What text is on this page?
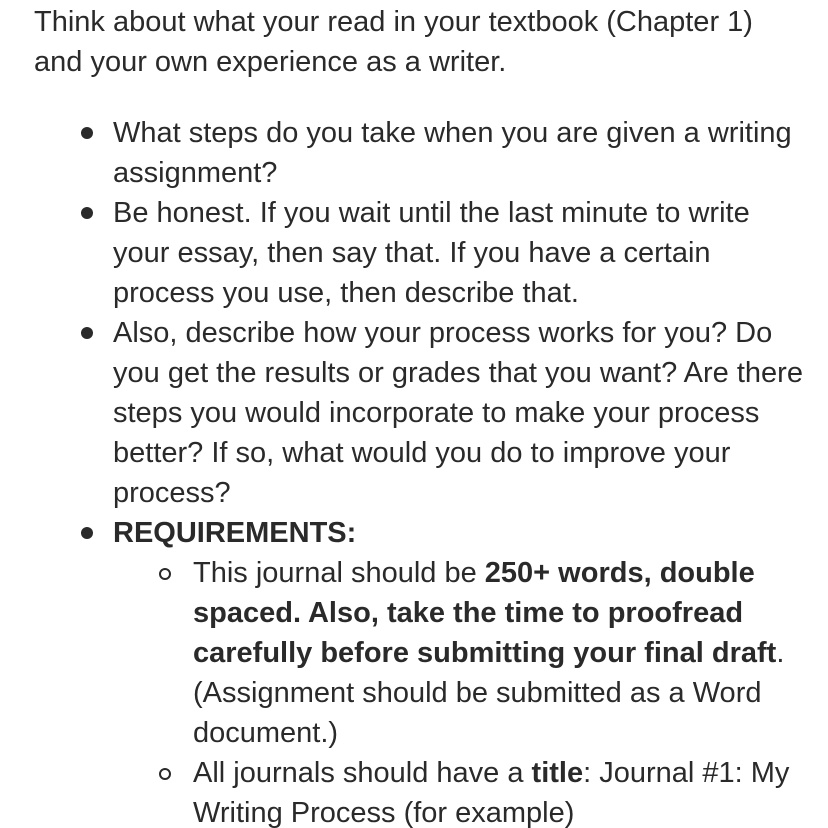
Think about what your read in your textbook (Chapter 1) and your own experience as a writer.

What steps do you take when you are given a writing assignment?
Be honest. If you wait until the last minute to write your essay, then say that. If you have a certain process you use, then describe that.
Also, describe how your process works for you? Do you get the results or grades that you want? Are there steps you would incorporate to make your process better? If so, what would you do to improve your process?
REQUIREMENTS:
This journal should be 250+ words, double spaced. Also, take the time to proofread carefully before submitting your final draft. (Assignment should be submitted as a Word document.)
All journals should have a title: Journal #1: My Writing Process (for example)
